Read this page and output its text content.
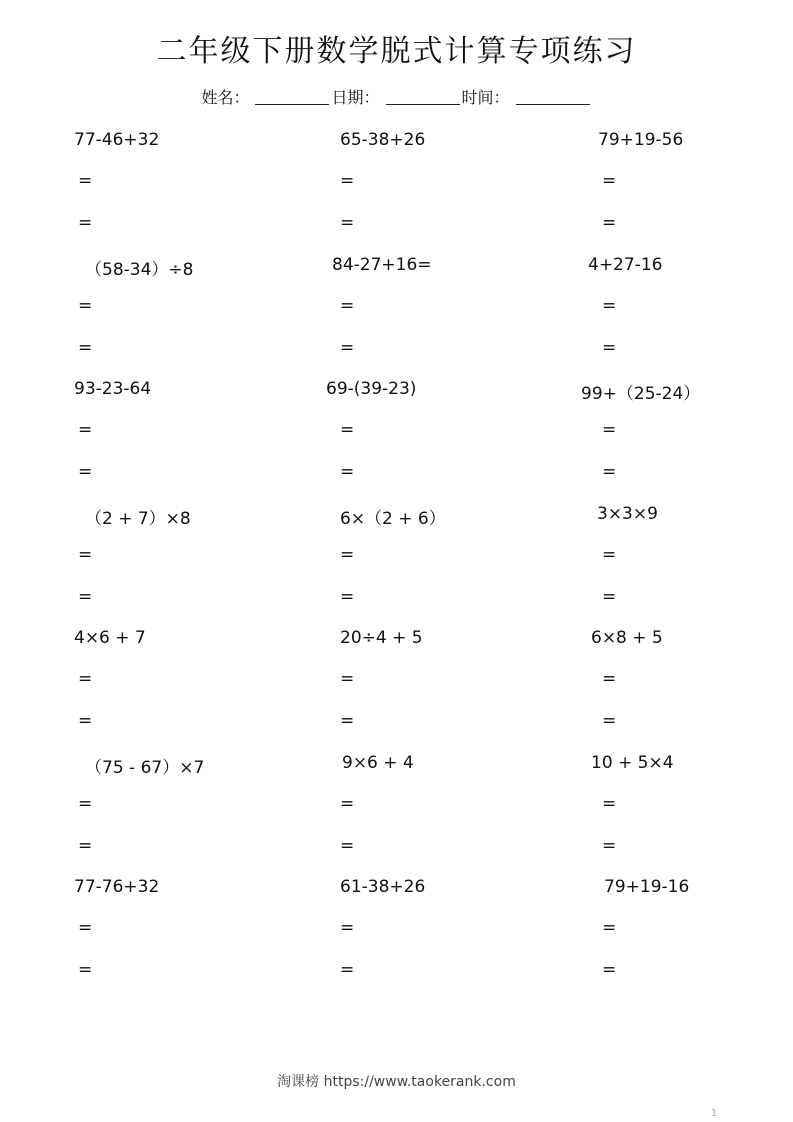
二年级下册数学脱式计算专项练习
姓名：	日期：	时间：
77-46+32
=
=
65-38+26
=
=
79+19-56
=
=
（58-34）÷8
=
=
84-27+16=
=
=
4+27-16
=
=
93-23-64
=
=
69-(39-23)
=
=
99+（25-24）
=
=
（2 + 7）×8
=
=
6×（2 + 6）
=
=
3×3×9
=
=
4×6 + 7
=
=
20÷4 + 5
=
=
6×8 + 5
=
=
（75 - 67）×7
=
=
9×6 + 4
=
=
10 + 5×4
=
=
77-76+32
=
=
61-38+26
=
=
79+19-16
=
=
淘课榜 https://www.taokerank.com
1
